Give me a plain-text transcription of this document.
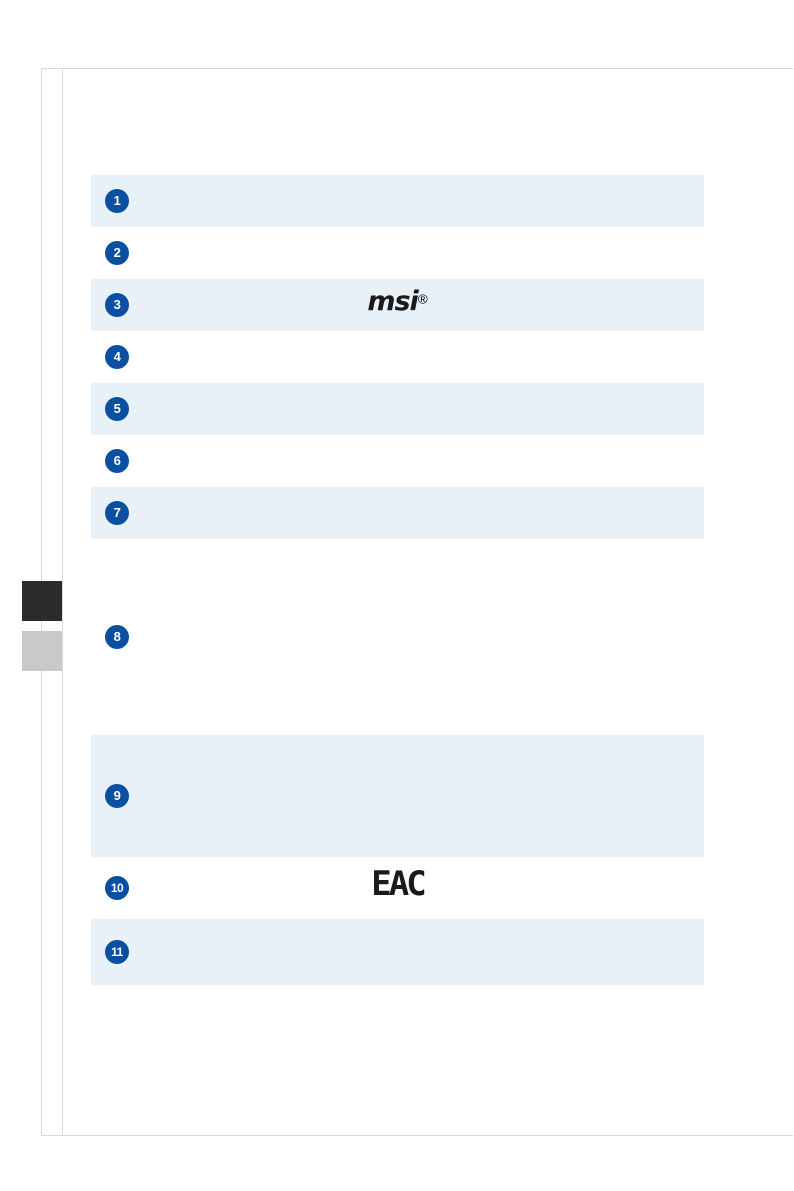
1
2
3	msi®
4
5
6
7
8
9
10	EAC
11
